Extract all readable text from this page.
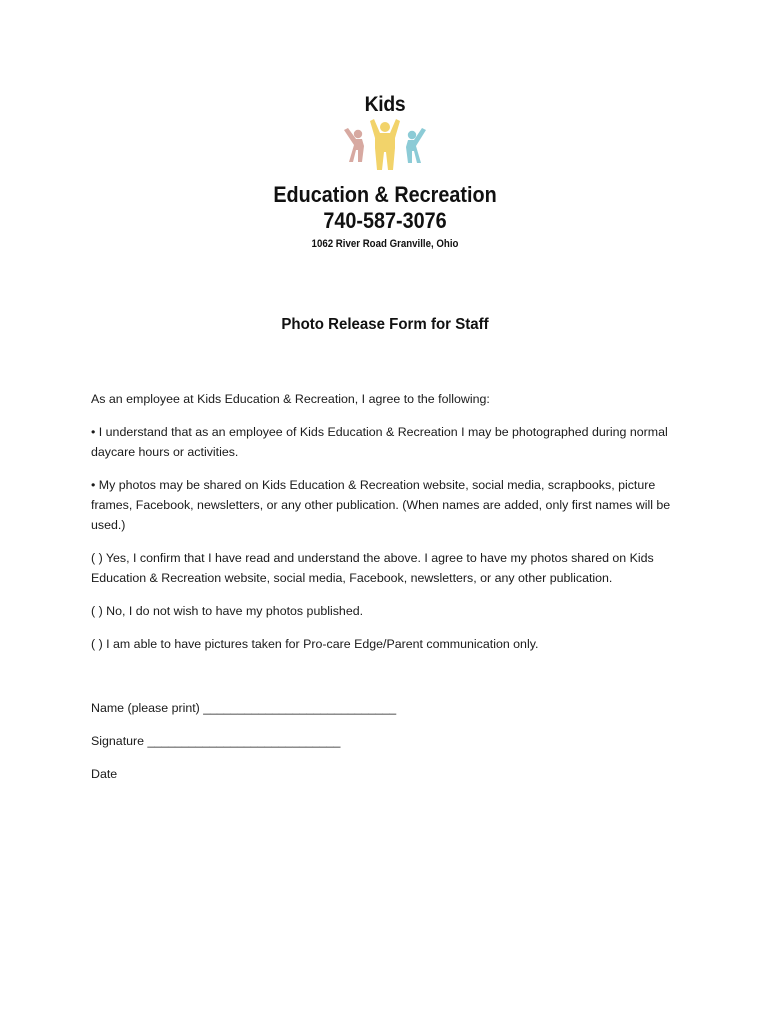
Kids
Education & Recreation
740-587-3076
1062 River Road Granville, Ohio
Photo Release Form for Staff

As an employee at Kids Education & Recreation, I agree to the following:

• I understand that as an employee of Kids Education & Recreation I may be photographed during normal daycare hours or activities.

• My photos may be shared on Kids Education & Recreation website, social media, scrapbooks, picture frames, Facebook, newsletters, or any other publication. (When names are added, only first names will be used.)

( ) Yes, I confirm that I have read and understand the above. I agree to have my photos shared on Kids Education & Recreation website, social media, Facebook, newsletters, or any other publication.

( ) No, I do not wish to have my photos published.

( ) I am able to have pictures taken for Pro-care Edge/Parent communication only.

Name (please print) ____________________________

Signature ____________________________

Date
